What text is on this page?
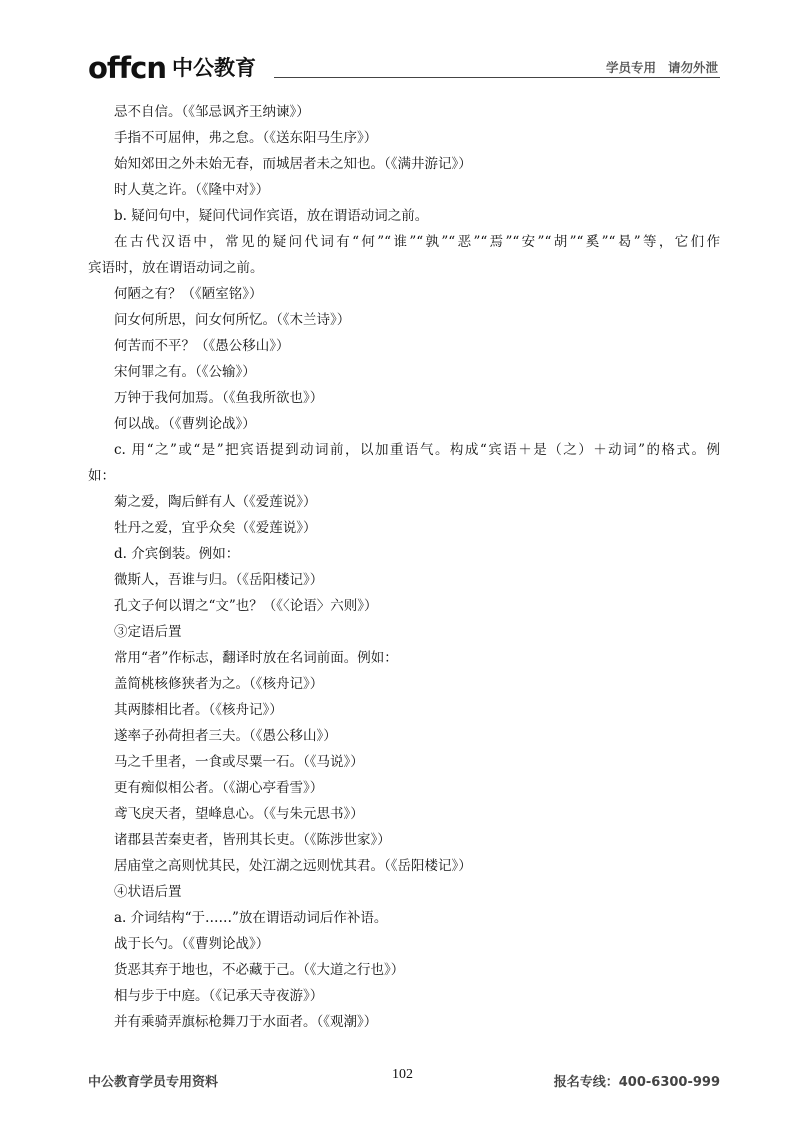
offcn 中公教育	学员专用 请勿外泄
忌不自信。（《邹忌讽齐王纳谏》）
手指不可屈伸，弗之怠。（《送东阳马生序》）
始知郊田之外未始无春，而城居者未之知也。（《满井游记》）
时人莫之许。（《隆中对》）
b. 疑问句中，疑问代词作宾语，放在谓语动词之前。
在古代汉语中，常见的疑问代词有“何”“谁”“孰”“恶”“焉”“安”“胡”“奚”“曷”等，它们作
宾语时，放在谓语动词之前。
何陋之有？（《陋室铭》）
问女何所思，问女何所忆。（《木兰诗》）
何苦而不平？（《愚公移山》）
宋何罪之有。（《公输》）
万钟于我何加焉。（《鱼我所欲也》）
何以战。（《曹刿论战》）
c. 用“之”或“是”把宾语提到动词前，以加重语气。构成“宾语＋是（之）＋动词”的格式。例
如：
菊之爱，陶后鲜有人（《爱莲说》）
牡丹之爱，宜乎众矣（《爱莲说》）
d. 介宾倒装。例如：
微斯人，吾谁与归。（《岳阳楼记》）
孔文子何以谓之“文”也？（《〈论语〉六则》）
③定语后置
常用“者”作标志，翻译时放在名词前面。例如：
盖简桃核修狭者为之。（《核舟记》）
其两膝相比者。（《核舟记》）
遂率子孙荷担者三夫。（《愚公移山》）
马之千里者，一食或尽粟一石。（《马说》）
更有痴似相公者。（《湖心亭看雪》）
鸢飞戾天者，望峰息心。（《与朱元思书》）
诸郡县苦秦吏者，皆刑其长吏。（《陈涉世家》）
居庙堂之高则忧其民，处江湖之远则忧其君。（《岳阳楼记》）
④状语后置
a. 介词结构“于……”放在谓语动词后作补语。
战于长勺。（《曹刿论战》）
货恶其弃于地也，不必藏于己。（《大道之行也》）
相与步于中庭。（《记承天寺夜游》）
并有乘骑弄旗标枪舞刀于水面者。（《观潮》）
中公教育学员专用资料
102
报名专线：400-6300-999
